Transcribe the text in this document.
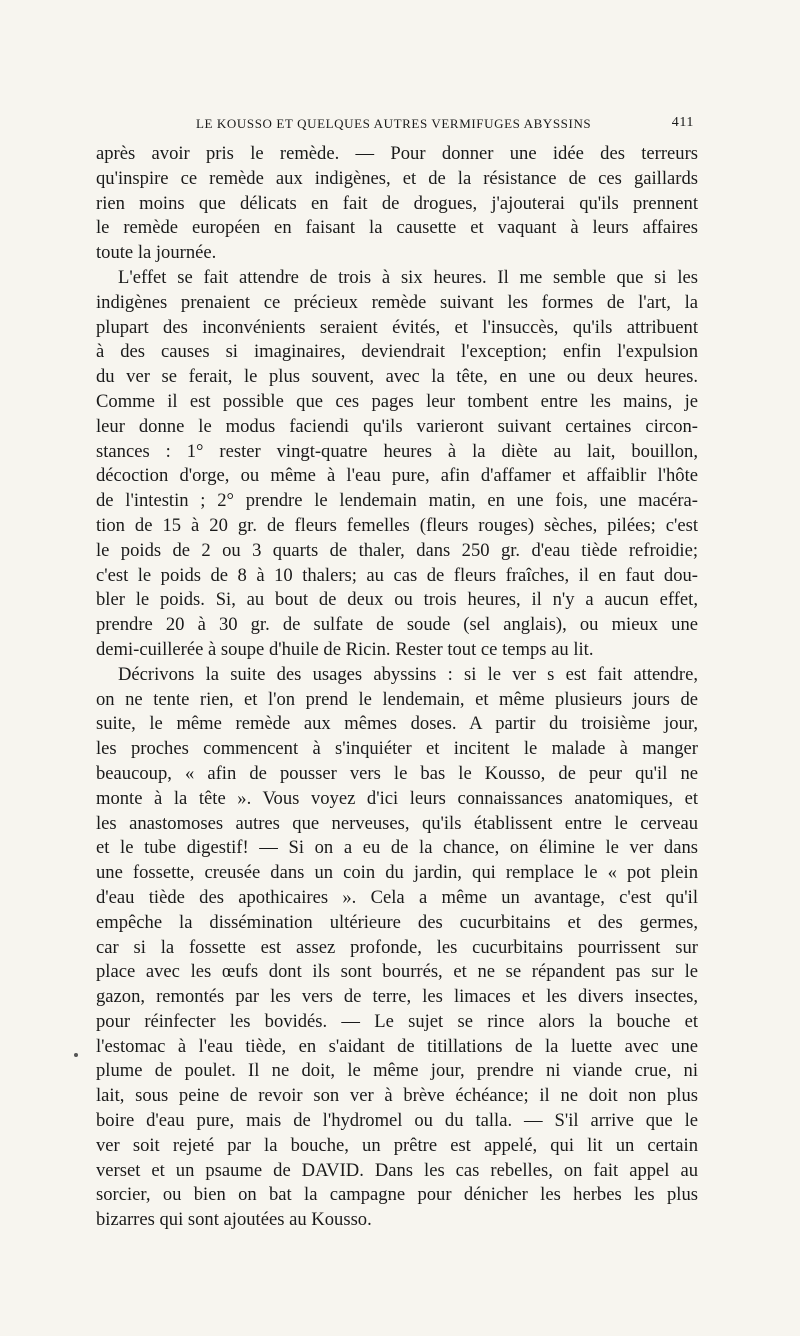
LE KOUSSO ET QUELQUES AUTRES VERMIFUGES ABYSSINS	411
après avoir pris le remède. — Pour donner une idée des terreurs
qu'inspire ce remède aux indigènes, et de la résistance de ces gaillards
rien moins que délicats en fait de drogues, j'ajouterai qu'ils prennent
le remède européen en faisant la causette et vaquant à leurs affaires
toute la journée.
L'effet se fait attendre de trois à six heures. Il me semble que si les
indigènes prenaient ce précieux remède suivant les formes de l'art, la
plupart des inconvénients seraient évités, et l'insuccès, qu'ils attribuent
à des causes si imaginaires, deviendrait l'exception; enfin l'expulsion
du ver se ferait, le plus souvent, avec la tête, en une ou deux heures.
Comme il est possible que ces pages leur tombent entre les mains, je
leur donne le modus faciendi qu'ils varieront suivant certaines circon-
stances : 1° rester vingt-quatre heures à la diète au lait, bouillon,
décoction d'orge, ou même à l'eau pure, afin d'affamer et affaiblir l'hôte
de l'intestin ; 2° prendre le lendemain matin, en une fois, une macéra-
tion de 15 à 20 gr. de fleurs femelles (fleurs rouges) sèches, pilées; c'est
le poids de 2 ou 3 quarts de thaler, dans 250 gr. d'eau tiède refroidie;
c'est le poids de 8 à 10 thalers; au cas de fleurs fraîches, il en faut dou-
bler le poids. Si, au bout de deux ou trois heures, il n'y a aucun effet,
prendre 20 à 30 gr. de sulfate de soude (sel anglais), ou mieux une
demi-cuillerée à soupe d'huile de Ricin. Rester tout ce temps au lit.
Décrivons la suite des usages abyssins : si le ver s est fait attendre,
on ne tente rien, et l'on prend le lendemain, et même plusieurs jours de
suite, le même remède aux mêmes doses. A partir du troisième jour,
les proches commencent à s'inquiéter et incitent le malade à manger
beaucoup, « afin de pousser vers le bas le Kousso, de peur qu'il ne
monte à la tête ». Vous voyez d'ici leurs connaissances anatomiques, et
les anastomoses autres que nerveuses, qu'ils établissent entre le cerveau
et le tube digestif! — Si on a eu de la chance, on élimine le ver dans
une fossette, creusée dans un coin du jardin, qui remplace le « pot plein
d'eau tiède des apothicaires ». Cela a même un avantage, c'est qu'il
empêche la dissémination ultérieure des cucurbitains et des germes,
car si la fossette est assez profonde, les cucurbitains pourrissent sur
place avec les œufs dont ils sont bourrés, et ne se répandent pas sur le
gazon, remontés par les vers de terre, les limaces et les divers insectes,
pour réinfecter les bovidés. — Le sujet se rince alors la bouche et
l'estomac à l'eau tiède, en s'aidant de titillations de la luette avec une
plume de poulet. Il ne doit, le même jour, prendre ni viande crue, ni
lait, sous peine de revoir son ver à brève échéance; il ne doit non plus
boire d'eau pure, mais de l'hydromel ou du talla. — S'il arrive que le
ver soit rejeté par la bouche, un prêtre est appelé, qui lit un certain
verset et un psaume de DAVID. Dans les cas rebelles, on fait appel au
sorcier, ou bien on bat la campagne pour dénicher les herbes les plus
bizarres qui sont ajoutées au Kousso.
